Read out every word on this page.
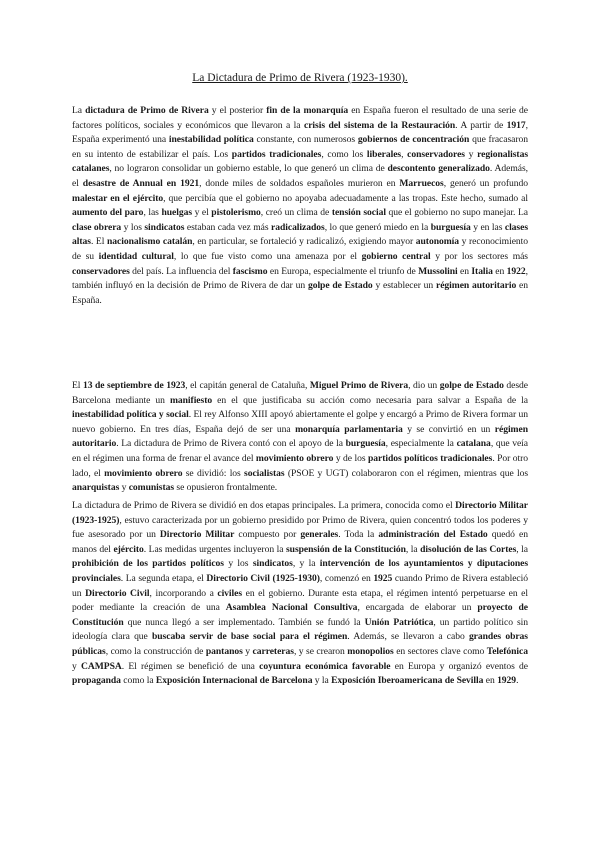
La Dictadura de Primo de Rivera (1923-1930).

La dictadura de Primo de Rivera y el posterior fin de la monarquía en España fueron el resultado de una serie de factores políticos, sociales y económicos que llevaron a la crisis del sistema de la Restauración. A partir de 1917, España experimentó una inestabilidad política constante, con numerosos gobiernos de concentración que fracasaron en su intento de estabilizar el país. Los partidos tradicionales, como los liberales, conservadores y regionalistas catalanes, no lograron consolidar un gobierno estable, lo que generó un clima de descontento generalizado. Además, el desastre de Annual en 1921, donde miles de soldados españoles murieron en Marruecos, generó un profundo malestar en el ejército, que percibía que el gobierno no apoyaba adecuadamente a las tropas. Este hecho, sumado al aumento del paro, las huelgas y el pistolerismo, creó un clima de tensión social que el gobierno no supo manejar. La clase obrera y los sindicatos estaban cada vez más radicalizados, lo que generó miedo en la burguesía y en las clases altas. El nacionalismo catalán, en particular, se fortaleció y radicalizó, exigiendo mayor autonomía y reconocimiento de su identidad cultural, lo que fue visto como una amenaza por el gobierno central y por los sectores más conservadores del país. La influencia del fascismo en Europa, especialmente el triunfo de Mussolini en Italia en 1922, también influyó en la decisión de Primo de Rivera de dar un golpe de Estado y establecer un régimen autoritario en España.

El 13 de septiembre de 1923, el capitán general de Cataluña, Miguel Primo de Rivera, dio un golpe de Estado desde Barcelona mediante un manifiesto en el que justificaba su acción como necesaria para salvar a España de la inestabilidad política y social. El rey Alfonso XIII apoyó abiertamente el golpe y encargó a Primo de Rivera formar un nuevo gobierno. En tres días, España dejó de ser una monarquía parlamentaria y se convirtió en un régimen autoritario. La dictadura de Primo de Rivera contó con el apoyo de la burguesía, especialmente la catalana, que veía en el régimen una forma de frenar el avance del movimiento obrero y de los partidos políticos tradicionales. Por otro lado, el movimiento obrero se dividió: los socialistas (PSOE y UGT) colaboraron con el régimen, mientras que los anarquistas y comunistas se opusieron frontalmente.

La dictadura de Primo de Rivera se dividió en dos etapas principales. La primera, conocida como el Directorio Militar (1923-1925), estuvo caracterizada por un gobierno presidido por Primo de Rivera, quien concentró todos los poderes y fue asesorado por un Directorio Militar compuesto por generales. Toda la administración del Estado quedó en manos del ejército. Las medidas urgentes incluyeron la suspensión de la Constitución, la disolución de las Cortes, la prohibición de los partidos políticos y los sindicatos, y la intervención de los ayuntamientos y diputaciones provinciales. La segunda etapa, el Directorio Civil (1925-1930), comenzó en 1925 cuando Primo de Rivera estableció un Directorio Civil, incorporando a civiles en el gobierno. Durante esta etapa, el régimen intentó perpetuarse en el poder mediante la creación de una Asamblea Nacional Consultiva, encargada de elaborar un proyecto de Constitución que nunca llegó a ser implementado. También se fundó la Unión Patriótica, un partido político sin ideología clara que buscaba servir de base social para el régimen. Además, se llevaron a cabo grandes obras públicas, como la construcción de pantanos y carreteras, y se crearon monopolios en sectores clave como Telefónica y CAMPSA. El régimen se benefició de una coyuntura económica favorable en Europa y organizó eventos de propaganda como la Exposición Internacional de Barcelona y la Exposición Iberoamericana de Sevilla en 1929.
